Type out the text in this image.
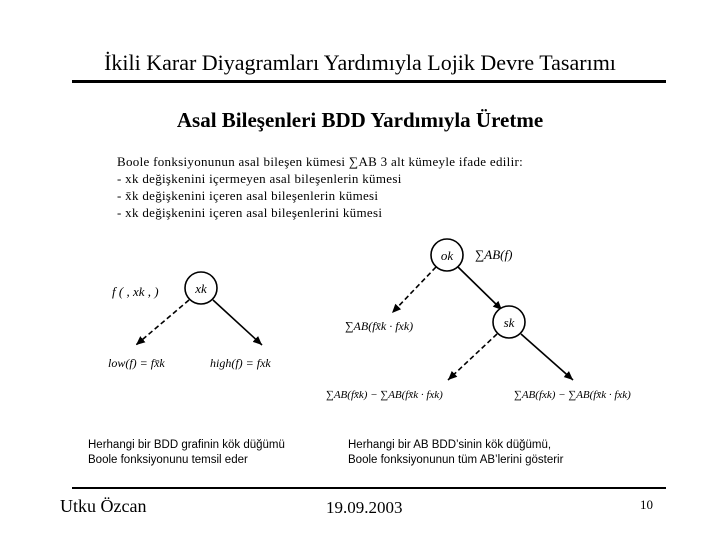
İkili Karar Diyagramları Yardımıyla Lojik Devre Tasarımı
Asal Bileşenleri BDD Yardımıyla Üretme
Boole fonksiyonunun asal bileşen kümesi ∑AB 3 alt kümeyle ifade edilir:
- xk değişkenini içermeyen asal bileşenlerin kümesi
- x̄k değişkenini içeren asal bileşenlerin kümesi
- xk değişkenini içeren asal bileşenlerini kümesi
f ( , xk , )	xk
low(f) = fx̄k	high(f) = fxk
ok ∑AB(f)
∑AB(fx̄k · fxk)	sk
∑AB(fx̄k) − ∑AB(fx̄k · fxk)	∑AB(fxk) − ∑AB(fx̄k · fxk)
Herhangi bir BDD grafinin kök düğümü
Boole fonksiyonunu temsil eder
Herhangi bir AB BDD’sinin kök düğümü,
Boole fonksiyonunun tüm AB’lerini gösterir
Utku Özcan	19.09.2003	10
